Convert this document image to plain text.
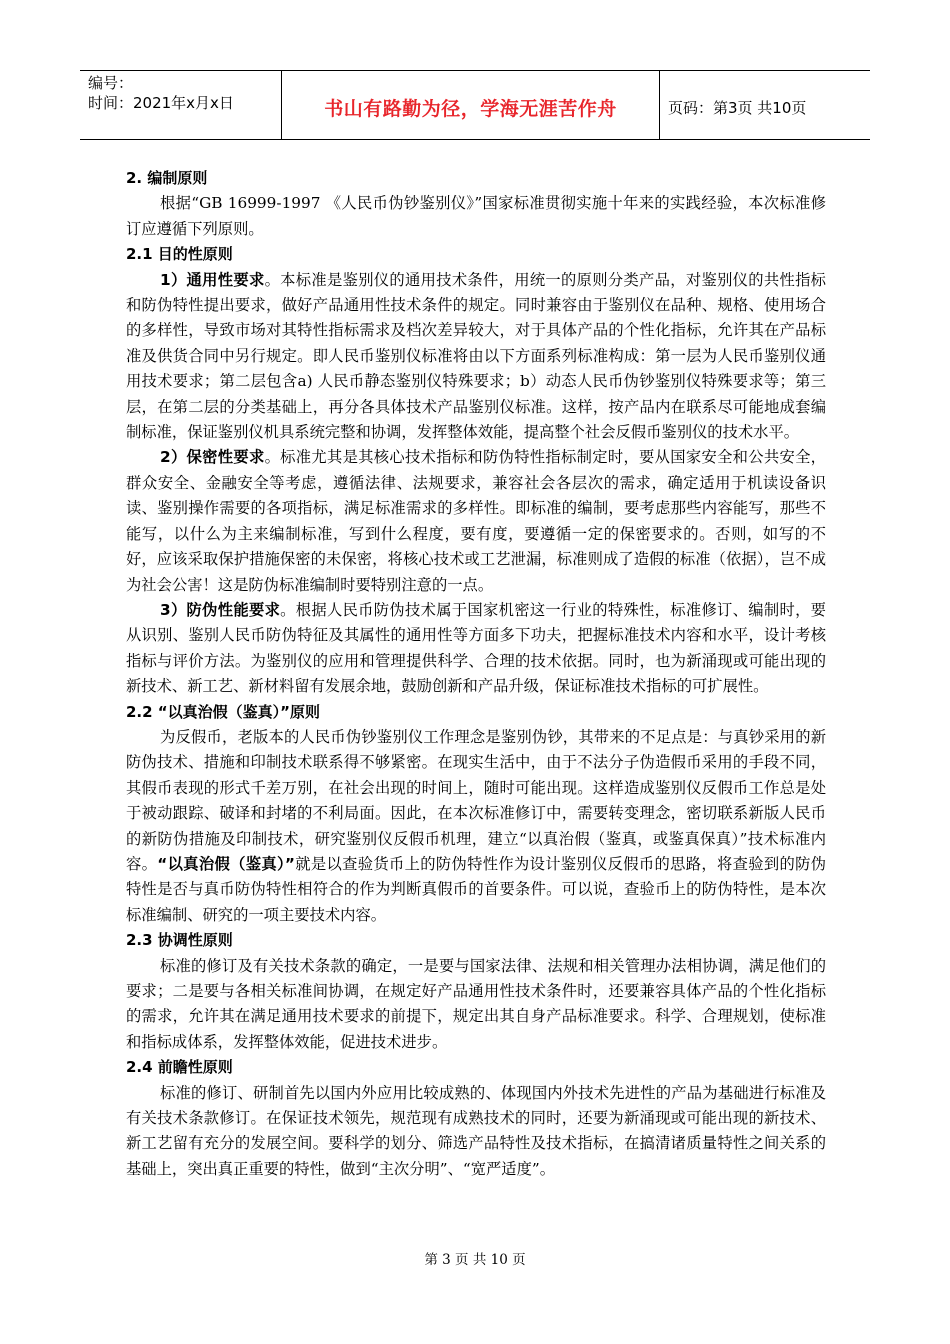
编号：
时间：2021年x月x日	书山有路勤为径，学海无涯苦作舟	页码：第3页 共10页

2. 编制原则

根据“GB 16999-1997 《人民币伪钞鉴别仪》”国家标准贯彻实施十年来的实践经验，本次标准修订应遵循下列原则。

2.1 目的性原则

1）通用性要求。本标准是鉴别仪的通用技术条件，用统一的原则分类产品，对鉴别仪的共性指标和防伪特性提出要求，做好产品通用性技术条件的规定。同时兼容由于鉴别仪在品种、规格、使用场合的多样性，导致市场对其特性指标需求及档次差异较大，对于具体产品的个性化指标，允许其在产品标准及供货合同中另行规定。即人民币鉴别仪标准将由以下方面系列标准构成：第一层为人民币鉴别仪通用技术要求；第二层包含a) 人民币静态鉴别仪特殊要求；b）动态人民币伪钞鉴别仪特殊要求等；第三层，在第二层的分类基础上，再分各具体技术产品鉴别仪标准。这样，按产品内在联系尽可能地成套编制标准，保证鉴别仪机具系统完整和协调，发挥整体效能，提高整个社会反假币鉴别仪的技术水平。

2）保密性要求。标准尤其是其核心技术指标和防伪特性指标制定时，要从国家安全和公共安全，群众安全、金融安全等考虑，遵循法律、法规要求，兼容社会各层次的需求，确定适用于机读设备识读、鉴别操作需要的各项指标，满足标准需求的多样性。即标准的编制，要考虑那些内容能写，那些不能写，以什么为主来编制标准，写到什么程度，要有度，要遵循一定的保密要求的。否则，如写的不好，应该采取保护措施保密的未保密，将核心技术或工艺泄漏，标准则成了造假的标准（依据），岂不成为社会公害！这是防伪标准编制时要特别注意的一点。

3）防伪性能要求。根据人民币防伪技术属于国家机密这一行业的特殊性，标准修订、编制时，要从识别、鉴别人民币防伪特征及其属性的通用性等方面多下功夫，把握标准技术内容和水平，设计考核指标与评价方法。为鉴别仪的应用和管理提供科学、合理的技术依据。同时，也为新涌现或可能出现的新技术、新工艺、新材料留有发展余地，鼓励创新和产品升级，保证标准技术指标的可扩展性。

2.2 “以真治假（鉴真）”原则

为反假币，老版本的人民币伪钞鉴别仪工作理念是鉴别伪钞，其带来的不足点是：与真钞采用的新防伪技术、措施和印制技术联系得不够紧密。在现实生活中，由于不法分子伪造假币采用的手段不同，其假币表现的形式千差万别，在社会出现的时间上，随时可能出现。这样造成鉴别仪反假币工作总是处于被动跟踪、破译和封堵的不利局面。因此，在本次标准修订中，需要转变理念，密切联系新版人民币的新防伪措施及印制技术，研究鉴别仪反假币机理，建立“以真治假（鉴真，或鉴真保真）”技术标准内容。“以真治假（鉴真）”就是以查验货币上的防伪特性作为设计鉴别仪反假币的思路，将查验到的防伪特性是否与真币防伪特性相符合的作为判断真假币的首要条件。可以说，查验币上的防伪特性，是本次标准编制、研究的一项主要技术内容。

2.3 协调性原则

标准的修订及有关技术条款的确定，一是要与国家法律、法规和相关管理办法相协调，满足他们的要求；二是要与各相关标准间协调，在规定好产品通用性技术条件时，还要兼容具体产品的个性化指标的需求，允许其在满足通用技术要求的前提下，规定出其自身产品标准要求。科学、合理规划，使标准和指标成体系，发挥整体效能，促进技术进步。

2.4 前瞻性原则

标准的修订、研制首先以国内外应用比较成熟的、体现国内外技术先进性的产品为基础进行标准及有关技术条款修订。在保证技术领先，规范现有成熟技术的同时，还要为新涌现或可能出现的新技术、新工艺留有充分的发展空间。要科学的划分、筛选产品特性及技术指标，在搞清诸质量特性之间关系的基础上，突出真正重要的特性，做到“主次分明”、“宽严适度”。

第 3 页 共 10 页
